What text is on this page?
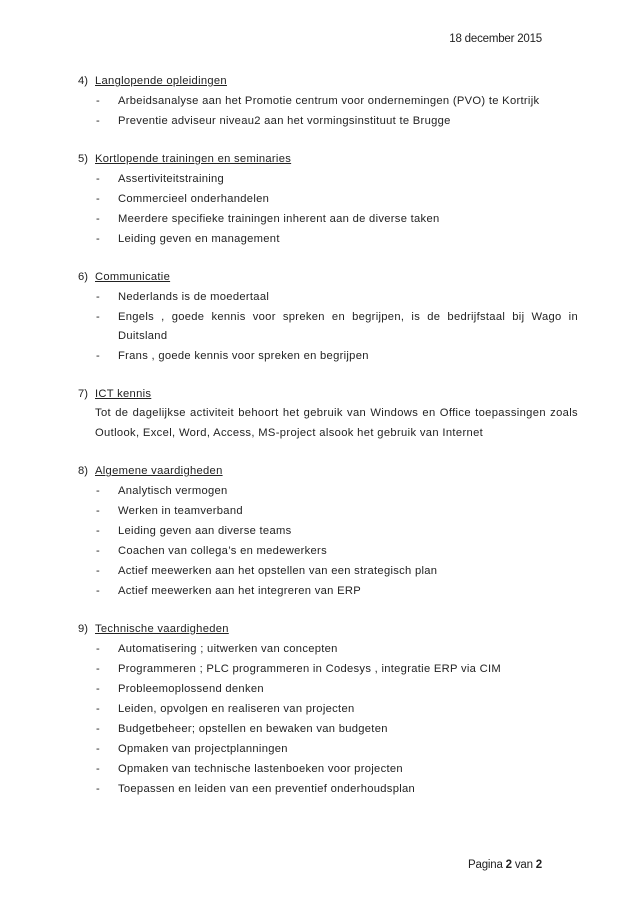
18 december 2015
4) Langlopende opleidingen
-	Arbeidsanalyse aan het Promotie centrum voor ondernemingen (PVO) te Kortrijk
-	Preventie adviseur niveau2 aan het vormingsinstituut te Brugge
5) Kortlopende trainingen en seminaries
-	Assertiviteitstraining
-	Commercieel onderhandelen
-	Meerdere specifieke trainingen inherent aan de diverse taken
-	Leiding geven en management
6) Communicatie
-	Nederlands is de moedertaal
-	Engels , goede kennis voor spreken en begrijpen, is de bedrijfstaal bij Wago in Duitsland
-	Frans , goede kennis voor spreken en begrijpen
7) ICT kennis
Tot de dagelijkse activiteit behoort het gebruik van Windows en Office toepassingen zoals Outlook, Excel, Word, Access, MS-project alsook het gebruik van Internet
8) Algemene vaardigheden
-	Analytisch vermogen
-	Werken in teamverband
-	Leiding geven aan diverse teams
-	Coachen van collega’s en medewerkers
-	Actief meewerken aan het opstellen van een strategisch plan
-	Actief meewerken aan het integreren van ERP
9) Technische vaardigheden
-	Automatisering ; uitwerken van concepten
-	Programmeren ; PLC programmeren in Codesys , integratie ERP via CIM
-	Probleemoplossend denken
-	Leiden, opvolgen en realiseren van projecten
-	Budgetbeheer; opstellen en bewaken van budgeten
-	Opmaken van projectplanningen
-	Opmaken van technische lastenboeken voor projecten
-	Toepassen en leiden van een preventief onderhoudsplan
Pagina 2 van 2
